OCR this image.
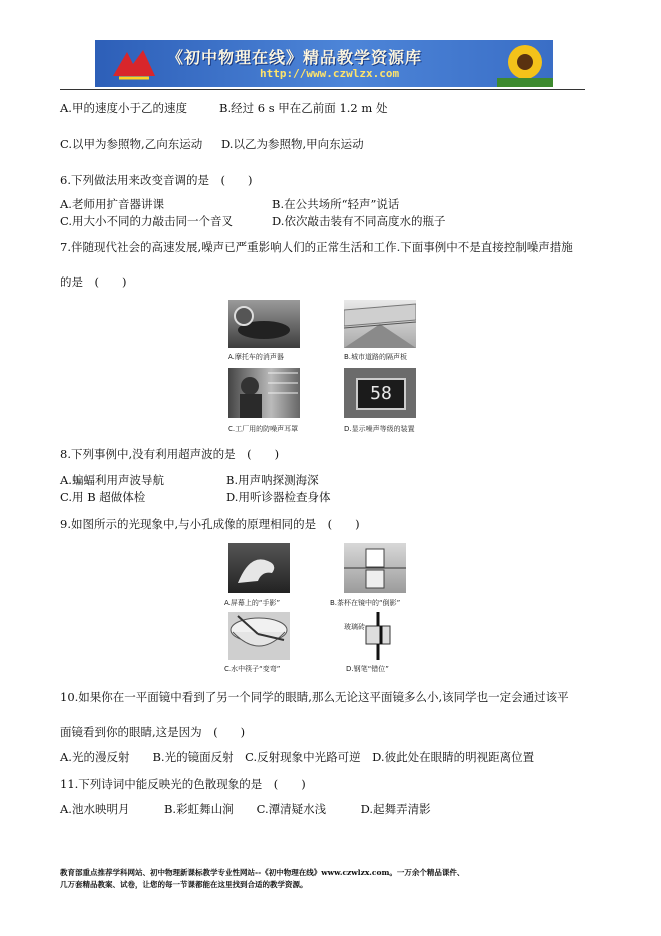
《初中物理在线》精品教学资源库
http://www.czwlzx.com
A.甲的速度小于乙的速度	B.经过 6 s 甲在乙前面 1.2 m 处
C.以甲为参照物,乙向东运动 D.以乙为参照物,甲向东运动
6.下列做法用来改变音调的是　(　　)
A.老师用扩音器讲课	B.在公共场所“轻声”说话
C.用大小不同的力敲击同一个音叉	D.依次敲击装有不同高度水的瓶子
7.伴随现代社会的高速发展,噪声已严重影响人们的正常生活和工作.下面事例中不是直接控制噪声措施
的是　(　　)
A.摩托车的消声器	B.城市道路的隔声板
C.工厂用的防噪声耳罩
58
D.显示噪声等级的装置
8.下列事例中,没有利用超声波的是　(　　)
A.蝙蝠利用声波导航	B.用声呐探测海深
C.用 B 超做体检	D.用听诊器检查身体
9.如图所示的光现象中,与小孔成像的原理相同的是　(　　)
A.屏幕上的“手影”	B.茶杯在镜中的“倒影”
C.水中筷子“变弯”
玻璃砖
D.钢笔“错位”
10.如果你在一平面镜中看到了另一个同学的眼睛,那么无论这平面镜多么小,该同学也一定会通过该平
面镜看到你的眼睛,这是因为　(　　)
A.光的漫反射　　B.光的镜面反射　C.反射现象中光路可逆　D.彼此处在眼睛的明视距离位置
11.下列诗词中能反映光的色散现象的是　(　　)
A.池水映明月　　　B.彩虹舞山涧　　C.潭清疑水浅　　　D.起舞弄清影
教育部重点推荐学科网站、初中物理新课标教学专业性网站--《初中物理在线》www.czwlzx.com。一万余个精品课件、
几万套精品教案、试卷，让您的每一节课都能在这里找到合适的教学资源。
